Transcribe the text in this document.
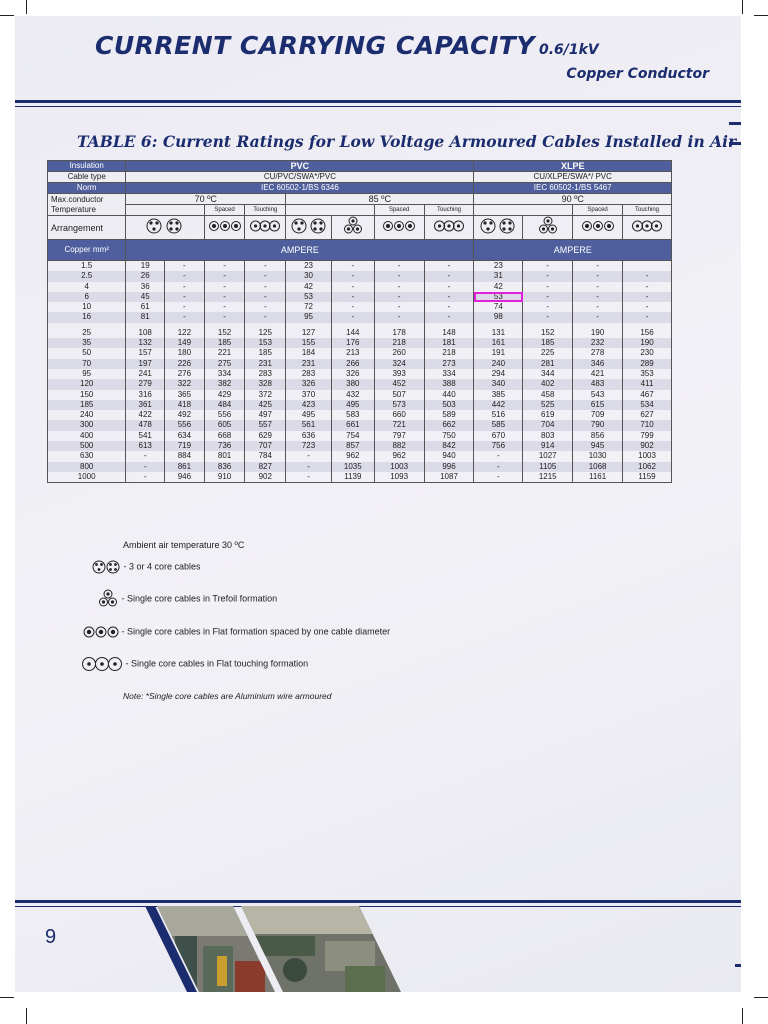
CURRENT CARRYING CAPACITY 0.6/1kV
Copper Conductor
TABLE 6: Current Ratings for Low Voltage Armoured Cables Installed in Air
Insulation	PVC								XLPE			
Cable type	CU/PVC/SWA*/PVC								CU/XLPE/SWA*/ PVC			
Norm	IEC 60502-1/BS 6346								IEC 60502-1/BS 5467			
Max.conductor Temperature	70 ºC				85 ºC				90 ºC			
			Spaced	Touching			Spaced	Touching			Spaced	Touching
Arrangement											
Copper mm²	AMPERE								AMPERE			
1.5	19	-	-	-	23	-	-	-	23	-	-	
2.5	26	-	-	-	30	-	-	-	31	-	-	-
4	36	-	-	-	42	-	-	-	42	-	-	-
6	45	-	-	-	53	-	-	-	53	-	-	-
10	61	-	-	-	72	-	-	-	74	-	-	-
16	81	-	-	-	95	-	-	-	98	-	-	-

25	108	122	152	125	127	144	178	148	131	152	190	156
35	132	149	185	153	155	176	218	181	161	185	232	190
50	157	180	221	185	184	213	260	218	191	225	278	230
70	197	226	275	231	231	266	324	273	240	281	346	289
95	241	276	334	283	283	326	393	334	294	344	421	353
120	279	322	382	328	326	380	452	388	340	402	483	411
150	316	365	429	372	370	432	507	440	385	458	543	467
185	361	418	484	425	423	495	573	503	442	525	615	534
240	422	492	556	497	495	583	660	589	516	619	709	627
300	478	556	605	557	561	661	721	662	585	704	790	710
400	541	634	668	629	636	754	797	750	670	803	856	799
500	613	719	736	707	723	857	882	842	756	914	945	902
630	-	884	801	784	-	962	962	940	-	1027	1030	1003
800	-	861	836	827	-	1035	1003	996	-	1105	1068	1062
1000	-	946	910	902	-	1139	1093	1087	-	1215	1161	1159
Ambient air temperature 30 ºC
- 3 or 4 core cables
- Single core cables in Trefoil formation
- Single core cables in Flat formation spaced by one cable diameter
- Single core cables in Flat touching formation
Note: *Single core cables are Aluminium wire armoured
9
